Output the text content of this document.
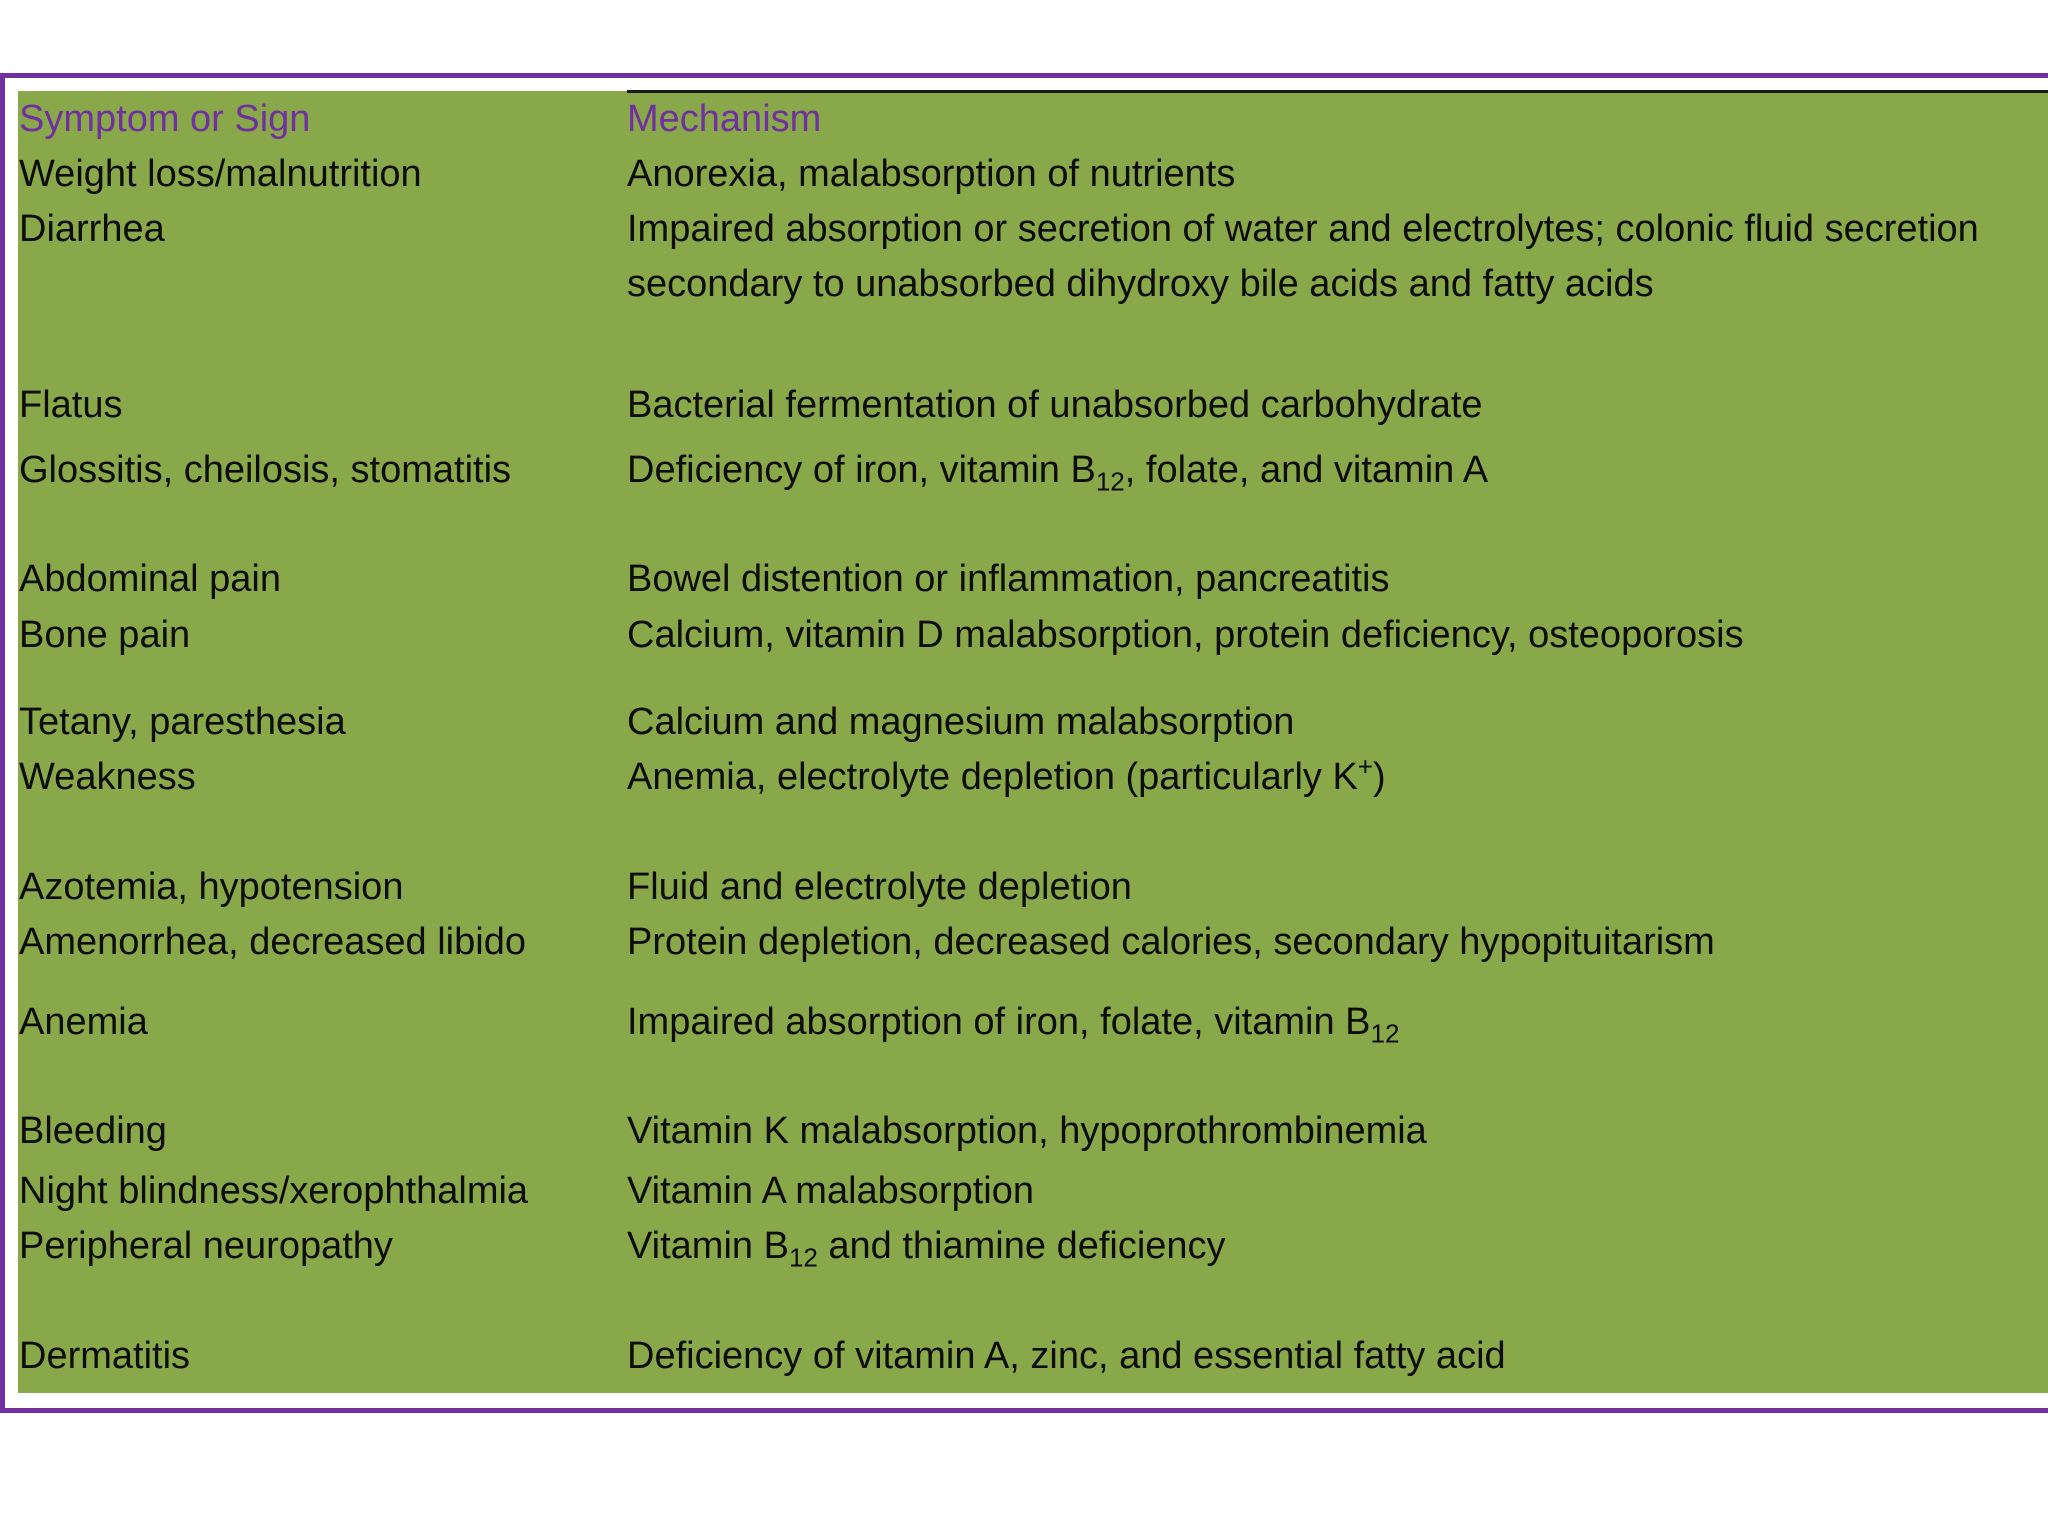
Symptom or Sign	Mechanism
Weight loss/malnutrition	Anorexia, malabsorption of nutrients
Diarrhea	Impaired absorption or secretion of water and electrolytes; colonic fluid secretion secondary to unabsorbed dihydroxy bile acids and fatty acids
Flatus	Bacterial fermentation of unabsorbed carbohydrate
Glossitis, cheilosis, stomatitis	Deficiency of iron, vitamin $B_{12}$, folate, and vitamin A
Abdominal pain	Bowel distention or inflammation, pancreatitis
Bone pain	Calcium, vitamin D malabsorption, protein deficiency, osteoporosis
Tetany, paresthesia	Calcium and magnesium malabsorption
Weakness	Anemia, electrolyte depletion (particularly K+)
Azotemia, hypotension	Fluid and electrolyte depletion
Amenorrhea, decreased libido	Protein depletion, decreased calories, secondary hypopituitarism
Anemia	Impaired absorption of iron, folate, vitamin $B_{12}$
Bleeding	Vitamin K malabsorption, hypoprothrombinemia
Night blindness/xerophthalmia	Vitamin A malabsorption
Peripheral neuropathy	Vitamin $B_{12}$ and thiamine deficiency
Dermatitis	Deficiency of vitamin A, zinc, and essential fatty acid
